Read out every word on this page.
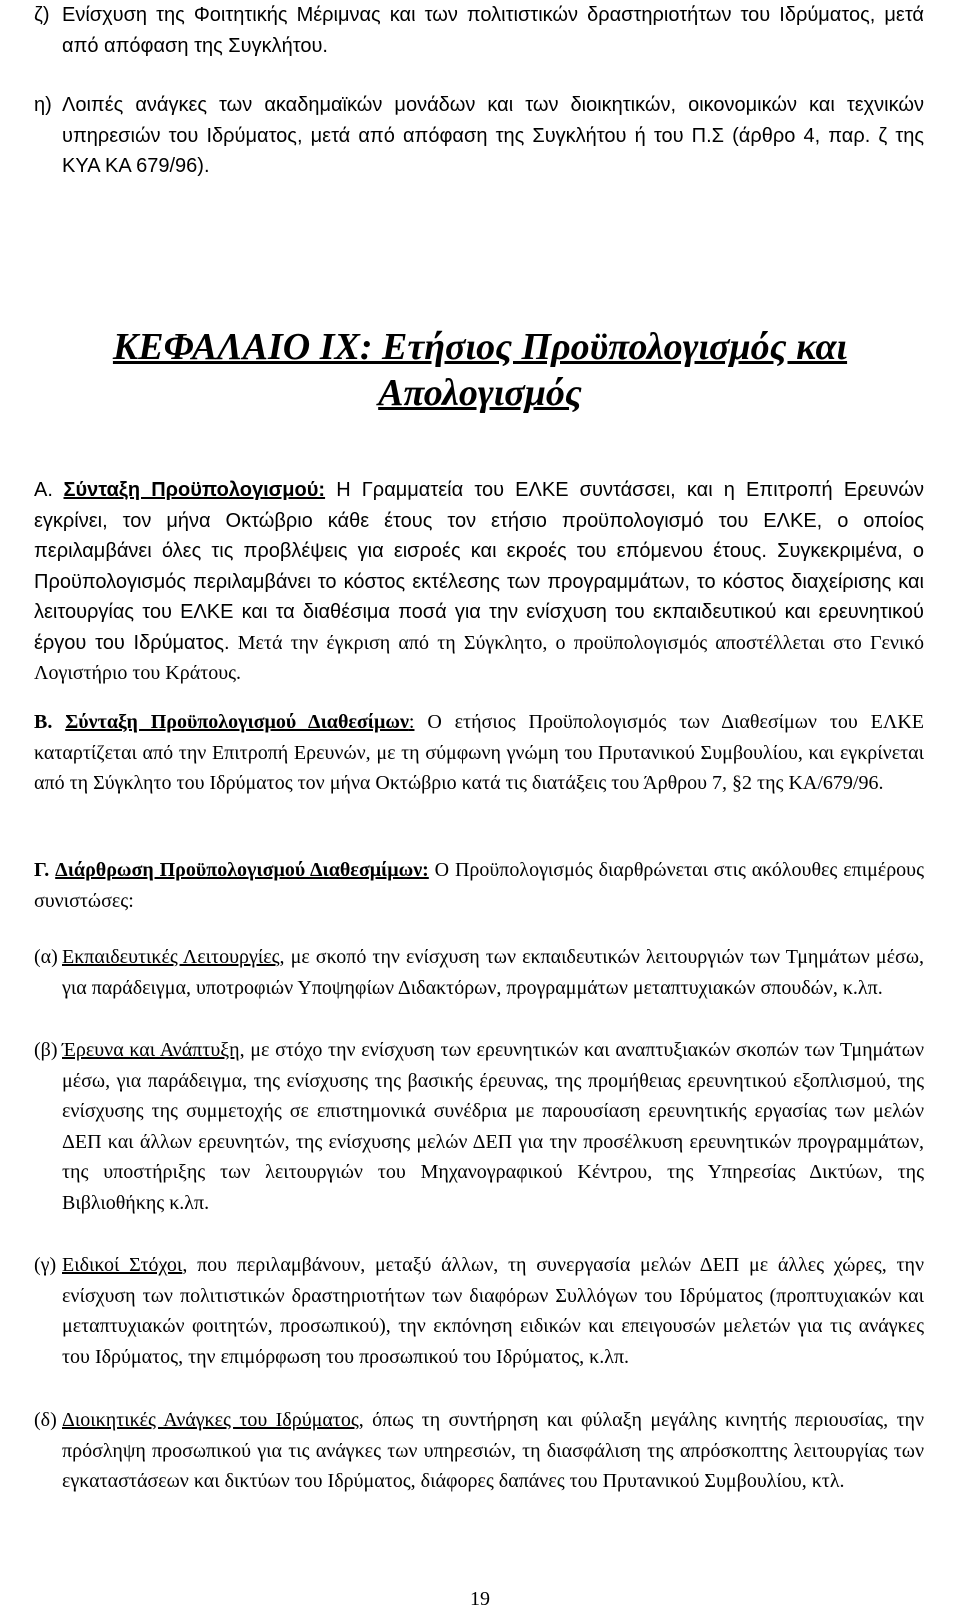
ζ) Ενίσχυση της Φοιτητικής Μέριμνας και των πολιτιστικών δραστηριοτήτων του Ιδρύματος, μετά από απόφαση της Συγκλήτου.
η) Λοιπές ανάγκες των ακαδημαϊκών μονάδων και των διοικητικών, οικονομικών και τεχνικών υπηρεσιών του Ιδρύματος, μετά από απόφαση της Συγκλήτου ή του Π.Σ (άρθρο 4, παρ. ζ της ΚΥΑ ΚΑ 679/96).
ΚΕΦΑΛΑΙΟ IX: Ετήσιος Προϋπολογισμός και
Απολογισμός
Α. Σύνταξη Προϋπολογισμού: Η Γραμματεία του ΕΛΚΕ συντάσσει, και η Επιτροπή Ερευνών εγκρίνει, τον μήνα Οκτώβριο κάθε έτους τον ετήσιο προϋπολογισμό του ΕΛΚΕ, ο οποίος περιλαμβάνει όλες τις προβλέψεις για εισροές και εκροές του επόμενου έτους. Συγκεκριμένα, ο Προϋπολογισμός περιλαμβάνει το κόστος εκτέλεσης των προγραμμάτων, το κόστος διαχείρισης και λειτουργίας του ΕΛΚΕ και τα διαθέσιμα ποσά για την ενίσχυση του εκπαιδευτικού και ερευνητικού έργου του Ιδρύματος. Μετά την έγκριση από τη Σύγκλητο, ο προϋπολογισμός αποστέλλεται στο Γενικό Λογιστήριο του Κράτους.
Β. Σύνταξη Προϋπολογισμού Διαθεσίμων: Ο ετήσιος Προϋπολογισμός των Διαθεσίμων του ΕΛΚΕ καταρτίζεται από την Επιτροπή Ερευνών, με τη σύμφωνη γνώμη του Πρυτανικού Συμβουλίου, και εγκρίνεται από τη Σύγκλητο του Ιδρύματος τον μήνα Οκτώβριο κατά τις διατάξεις του Άρθρου 7, §2 της ΚΑ/679/96.
Γ. Διάρθρωση Προϋπολογισμού Διαθεσμίμων: Ο Προϋπολογισμός διαρθρώνεται στις ακόλουθες επιμέρους συνιστώσες:
(α) Εκπαιδευτικές Λειτουργίες, με σκοπό την ενίσχυση των εκπαιδευτικών λειτουργιών των Τμημάτων μέσω, για παράδειγμα, υποτροφιών Υποψηφίων Διδακτόρων, προγραμμάτων μεταπτυχιακών σπουδών, κ.λπ.
(β) Έρευνα και Ανάπτυξη, με στόχο την ενίσχυση των ερευνητικών και αναπτυξιακών σκοπών των Τμημάτων μέσω, για παράδειγμα, της ενίσχυσης της βασικής έρευνας, της προμήθειας ερευνητικού εξοπλισμού, της ενίσχυσης της συμμετοχής σε επιστημονικά συνέδρια με παρουσίαση ερευνητικής εργασίας των μελών ΔΕΠ και άλλων ερευνητών, της ενίσχυσης μελών ΔΕΠ για την προσέλκυση ερευνητικών προγραμμάτων, της υποστήριξης των λειτουργιών του Μηχανογραφικού Κέντρου, της Υπηρεσίας Δικτύων, της Βιβλιοθήκης κ.λπ.
(γ) Ειδικοί Στόχοι, που περιλαμβάνουν, μεταξύ άλλων, τη συνεργασία μελών ΔΕΠ με άλλες χώρες, την ενίσχυση των πολιτιστικών δραστηριοτήτων των διαφόρων Συλλόγων του Ιδρύματος (προπτυχιακών και μεταπτυχιακών φοιτητών, προσωπικού), την εκπόνηση ειδικών και επειγουσών μελετών για τις ανάγκες του Ιδρύματος, την επιμόρφωση του προσωπικού του Ιδρύματος, κ.λπ.
(δ) Διοικητικές Ανάγκες του Ιδρύματος, όπως τη συντήρηση και φύλαξη μεγάλης κινητής περιουσίας, την πρόσληψη προσωπικού για τις ανάγκες των υπηρεσιών, τη διασφάλιση της απρόσκοπτης λειτουργίας των εγκαταστάσεων και δικτύων του Ιδρύματος, διάφορες δαπάνες του Πρυτανικού Συμβουλίου, κτλ.
19
